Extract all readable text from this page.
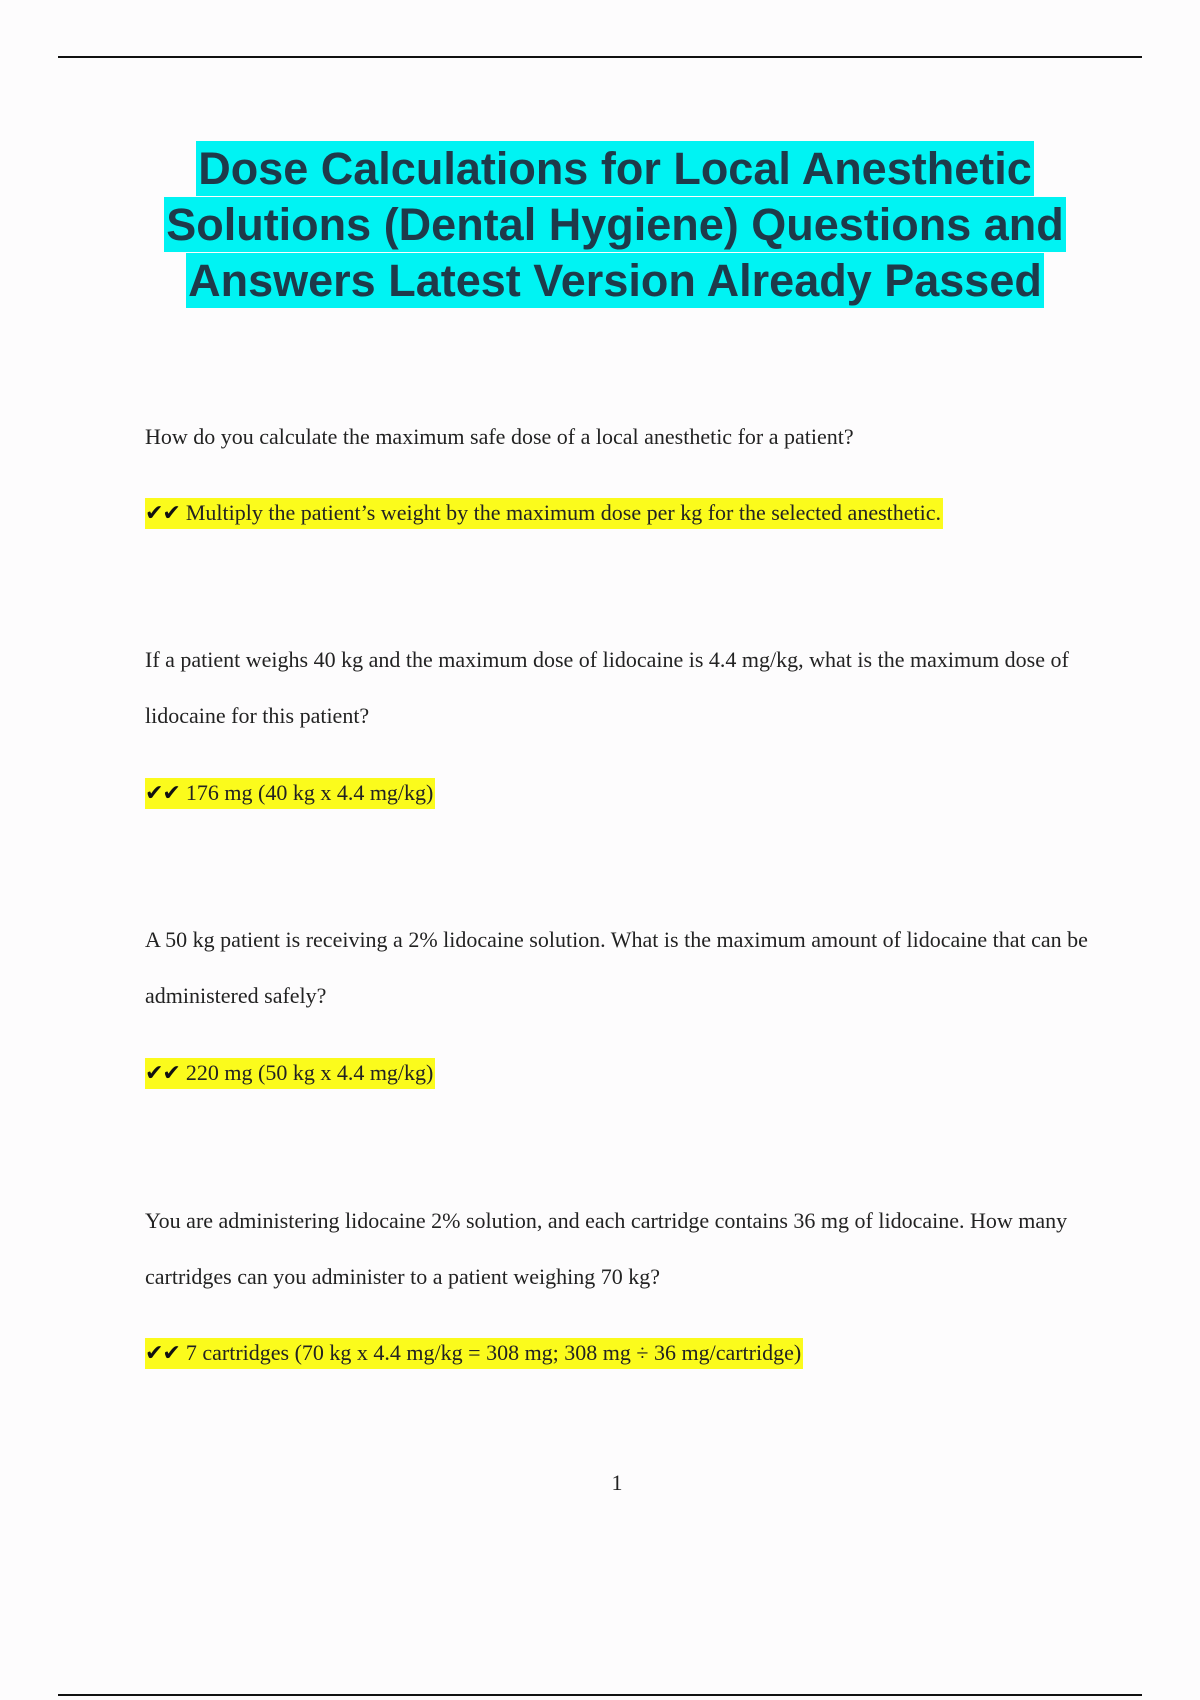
Dose Calculations for Local Anesthetic Solutions (Dental Hygiene) Questions and Answers Latest Version Already Passed

How do you calculate the maximum safe dose of a local anesthetic for a patient?

✔✔ Multiply the patient’s weight by the maximum dose per kg for the selected anesthetic.

If a patient weighs 40 kg and the maximum dose of lidocaine is 4.4 mg/kg, what is the maximum dose of lidocaine for this patient?

✔✔ 176 mg (40 kg x 4.4 mg/kg)

A 50 kg patient is receiving a 2% lidocaine solution. What is the maximum amount of lidocaine that can be administered safely?

✔✔ 220 mg (50 kg x 4.4 mg/kg)

You are administering lidocaine 2% solution, and each cartridge contains 36 mg of lidocaine. How many cartridges can you administer to a patient weighing 70 kg?

✔✔ 7 cartridges (70 kg x 4.4 mg/kg = 308 mg; 308 mg ÷ 36 mg/cartridge)

1
